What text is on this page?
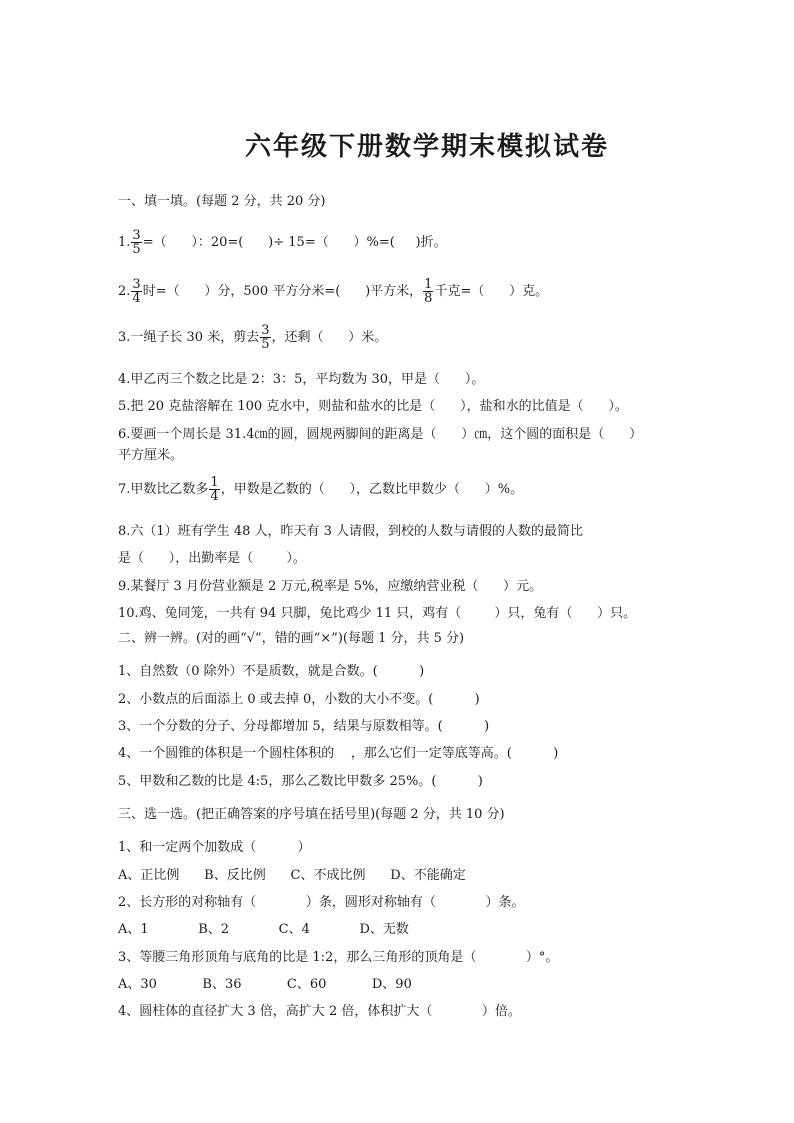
六年级下册数学期末模拟试卷
一、填一填。(每题 2 分，共 20 分)
1. $\frac{3}{5}$ =（      ）：20=(      )÷ 15=（      ）%=(     )折。
2. $\frac{3}{4}$ 时=（      ）分，500 平方分米=(      )平方米， $\frac{1}{8}$ 千克=（      ）克。
3.一绳子长 30 米，剪去 $\frac{3}{5}$ ，还剩（      ）米。
4.甲乙丙三个数之比是 2：3：5，平均数为 30，甲是（      ）。
5.把 20 克盐溶解在 100 克水中，则盐和盐水的比是（      ），盐和水的比值是（      ）。
6.要画一个周长是 31.4㎝的圆，圆规两脚间的距离是（      ）㎝，这个圆的面积是（      ）
平方厘米。
7.甲数比乙数多 $\frac{1}{4}$ ，甲数是乙数的（      ），乙数比甲数少（      ）%。
8.六（1）班有学生 48 人，昨天有 3 人请假，到校的人数与请假的人数的最简比
是（      ），出勤率是（        ）。
9.某餐厅 3 月份营业额是 2 万元,税率是 5%，应缴纳营业税（      ）元。
10.鸡、兔同笼，一共有 94 只脚，兔比鸡少 11 只，鸡有（        ）只，兔有（      ）只。
二、辨一辨。(对的画“√”，错的画“×”)(每题 1 分，共 5 分)
1、自然数（0 除外）不是质数，就是合数。(          )
2、小数点的后面添上 0 或去掉 0，小数的大小不变。(          )
3、一个分数的分子、分母都增加 5，结果与原数相等。(          )
4、一个圆锥的体积是一个圆柱体积的    ，那么它们一定等底等高。(          )
5、甲数和乙数的比是 4:5，那么乙数比甲数多 25%。(          )
三、选一选。(把正确答案的序号填在括号里)(每题 2 分，共 10 分)
1、和一定两个加数成（          ）
A、正比例      B、反比例      C、不成比例      D、不能确定
2、长方形的对称轴有（            ）条，圆形对称轴有（            ）条。
A、1            B、2            C、4            D、无数
3、等腰三角形顶角与底角的比是 1:2，那么三角形的顶角是（            ）°。
A、30           B、36           C、60           D、90
4、圆柱体的直径扩大 3 倍，高扩大 2 倍，体积扩大（            ）倍。
